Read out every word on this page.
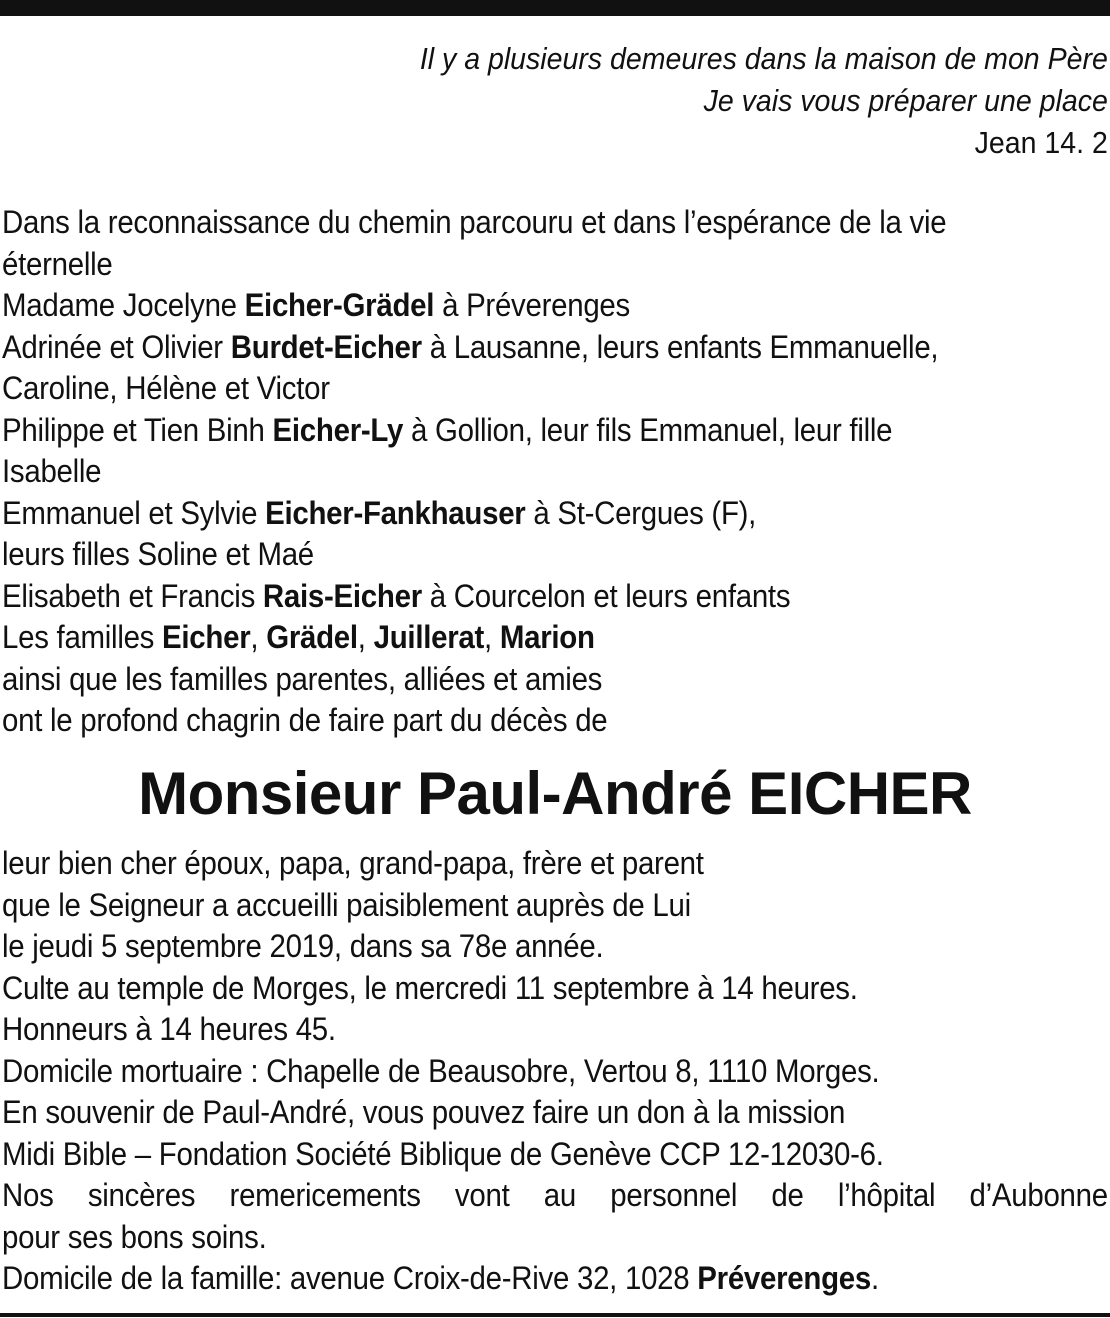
Il y a plusieurs demeures dans la maison de mon Père
Je vais vous préparer une place
Jean 14. 2
Dans la reconnaissance du chemin parcouru et dans l’espérance de la vie
éternelle
Madame Jocelyne Eicher-Grädel à Préverenges
Adrinée et Olivier Burdet-Eicher à Lausanne, leurs enfants Emmanuelle,
Caroline, Hélène et Victor
Philippe et Tien Binh Eicher-Ly à Gollion, leur fils Emmanuel, leur fille
Isabelle
Emmanuel et Sylvie Eicher-Fankhauser à St-Cergues (F),
leurs filles Soline et Maé
Elisabeth et Francis Rais-Eicher à Courcelon et leurs enfants
Les familles Eicher, Grädel, Juillerat, Marion
ainsi que les familles parentes, alliées et amies
ont le profond chagrin de faire part du décès de
Monsieur Paul-André EICHER
leur bien cher époux, papa, grand-papa, frère et parent
que le Seigneur a accueilli paisiblement auprès de Lui
le jeudi 5 septembre 2019, dans sa 78e année.
Culte au temple de Morges, le mercredi 11 septembre à 14 heures.
Honneurs à 14 heures 45.
Domicile mortuaire : Chapelle de Beausobre, Vertou 8, 1110 Morges.
En souvenir de Paul-André, vous pouvez faire un don à la mission
Midi Bible – Fondation Société Biblique de Genève CCP 12-12030-6.
Nos sincères remericements vont au personnel de l’hôpital d’Aubonne
pour ses bons soins.
Domicile de la famille: avenue Croix-de-Rive 32, 1028 Préverenges.
